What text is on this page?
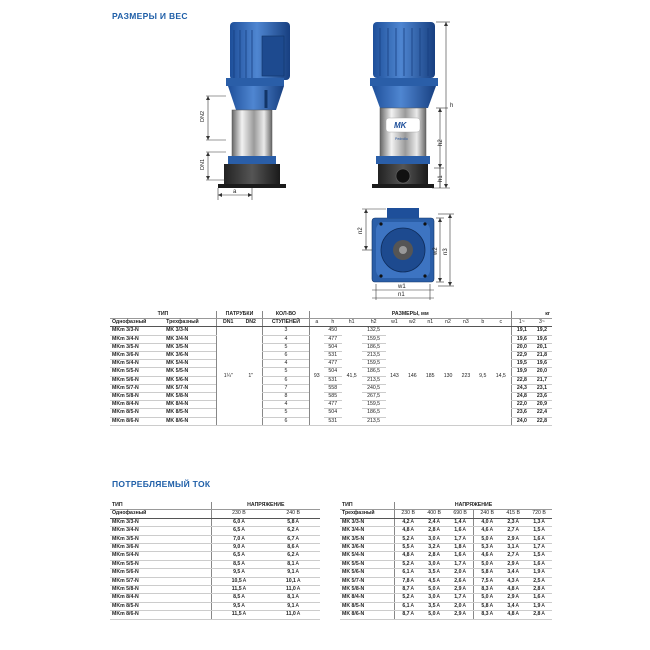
РАЗМЕРЫ И ВЕС
DN2
DN1
a
MK
Pedrollo
h
h2
h1
n2
w2 n3
w1
n1
ТИП		ПАТРУБКИ		КОЛ-ВО	РАЗМЕРЫ, мм											кг	
Однофазный	Трехфазный	DN1	DN2	СТУПЕНЕЙ	a	h	h1	h2	w1	w2	n1	n2	n3	b	c	1~	3~
MKm 3/3-N	MK 3/3-N	1¼"	1"	3	93	450	41,5	132,5	143	146	185	130	223	9,5	14,5	19,1	19,2
MKm 3/4-N	MK 3/4-N			4		477		159,5								19,6	19,6
MKm 3/5-N	MK 3/5-N			5		504		186,5								20,0	20,1
MKm 3/6-N	MK 3/6-N			6		531		213,5								22,9	21,8
MKm 5/4-N	MK 5/4-N			4		477		159,5								19,5	19,6
MKm 5/5-N	MK 5/5-N			5		504		186,5								19,9	20,0
MKm 5/6-N	MK 5/6-N			6		531		213,5								22,8	21,7
MKm 5/7-N	MK 5/7-N			7		558		240,5								24,3	23,1
MKm 5/8-N	MK 5/8-N			8		585		267,5								24,8	23,6
MKm 8/4-N	MK 8/4-N			4		477		159,5								22,0	20,9
MKm 8/5-N	MK 8/5-N			5		504		186,5								23,6	22,4
MKm 8/6-N	MK 8/6-N			6		531		213,5								24,0	22,8
ПОТРЕБЛЯЕМЫЙ ТОК
ТИП	НАПРЯЖЕНИЕ	
Однофазный	230 В	240 В
MKm 3/3-N	6,0A	5,8A
MKm 3/4-N	6,5A	6,2A
MKm 3/5-N	7,0A	6,7A
MKm 3/6-N	9,0A	8,6A
MKm 5/4-N	6,5A	6,2A
MKm 5/5-N	8,5A	8,1A
MKm 5/6-N	9,5A	9,1A
MKm 5/7-N	10,5A	10,1A
MKm 5/8-N	11,5A	11,0A
MKm 8/4-N	8,5A	8,1A
MKm 8/5-N	9,5A	9,1A
MKm 8/6-N	11,5A	11,0A
ТИП	НАПРЯЖЕНИЕ					
Трехфазный	230 В	400 В	690 В	240 В	415 В	720 В
MK 3/3-N	4,2A	2,4A	1,4A	4,0A	2,3A	1,3A
MK 3/4-N	4,8A	2,8A	1,6A	4,6A	2,7A	1,5A
MK 3/5-N	5,2A	3,0A	1,7A	5,0A	2,9A	1,6A
MK 3/6-N	5,5A	3,2A	1,8A	5,3A	3,1A	1,7A
MK 5/4-N	4,8A	2,8A	1,6A	4,6A	2,7A	1,5A
MK 5/5-N	5,2A	3,0A	1,7A	5,0A	2,9A	1,6A
MK 5/6-N	6,1A	3,5A	2,0A	5,8A	3,4A	1,9A
MK 5/7-N	7,8A	4,5A	2,6A	7,5A	4,3A	2,5A
MK 5/8-N	8,7A	5,0A	2,9A	8,3A	4,8A	2,8A
MK 8/4-N	5,2A	3,0A	1,7A	5,0A	2,9A	1,6A
MK 8/5-N	6,1A	3,5A	2,0A	5,8A	3,4A	1,9A
MK 8/6-N	8,7A	5,0A	2,9A	8,3A	4,8A	2,8A
